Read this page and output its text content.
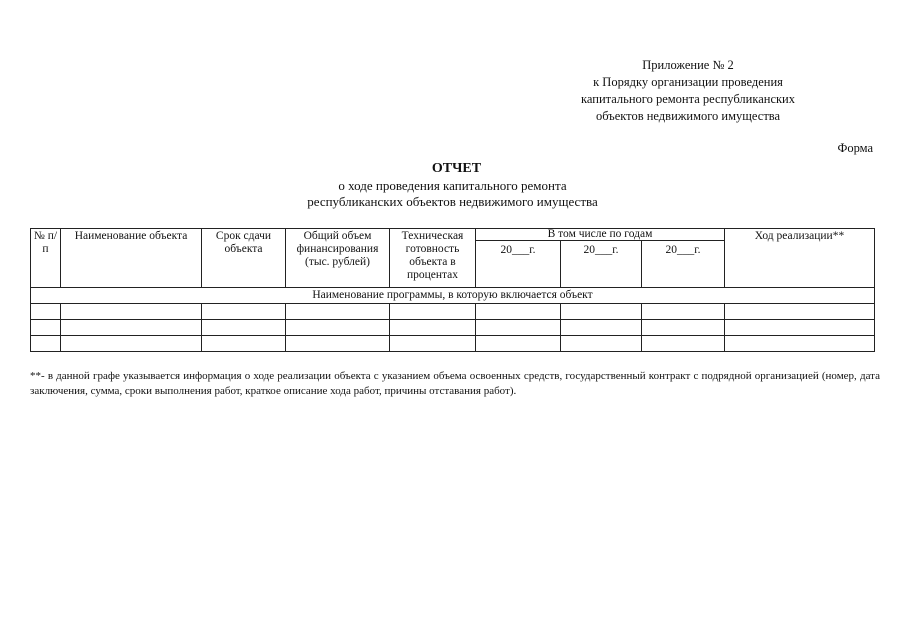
Приложение № 2
к Порядку организации проведения
капитального ремонта республиканских
объектов недвижимого имущества
Форма
ОТЧЕТ
о ходе проведения капитального ремонта
республиканских объектов недвижимого имущества
№ п/п	Наименование объекта	Срок сдачи объекта	Общий объем финансирования (тыс. рублей)	Техническая готовность объекта в процентах	В том числе по годам			Ход реализации**
					20___г.	20___г.	20___г.	
Наименование программы, в которую включается объект								

**- в данной графе указывается информация о ходе реализации объекта с указанием объема освоенных средств, государственный контракт с подрядной организацией (номер, дата заключения, сумма, сроки выполнения работ, краткое описание хода работ, причины отставания работ).
